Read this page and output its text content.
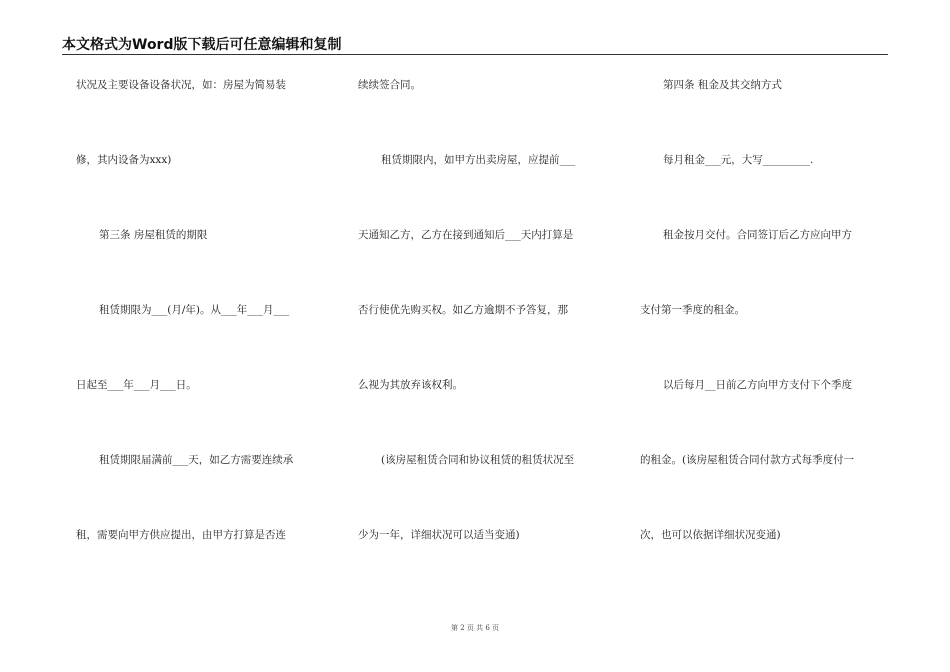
本文格式为Word版下载后可任意编辑和复制
状况及主要设备设备状况，如：房屋为简易装
修，其内设备为xxx)
第三条 房屋租赁的期限
租赁期限为___(月/年)。从___年___月___
日起至___年___月___日。
租赁期限届满前___天，如乙方需要连续承
租，需要向甲方供应提出，由甲方打算是否连
续续签合同。
租赁期限内，如甲方出卖房屋，应提前___
天通知乙方，乙方在接到通知后___天内打算是
否行使优先购买权。如乙方逾期不予答复，那
么视为其放弃该权利。
(该房屋租赁合同和协议租赁的租赁状况至
少为一年，详细状况可以适当变通)
第四条 租金及其交纳方式
每月租金___元，大写_________.
租金按月交付。合同签订后乙方应向甲方
支付第一季度的租金。
以后每月__日前乙方向甲方支付下个季度
的租金。(该房屋租赁合同付款方式每季度付一
次，也可以依据详细状况变通)
第 2 页 共 6 页
